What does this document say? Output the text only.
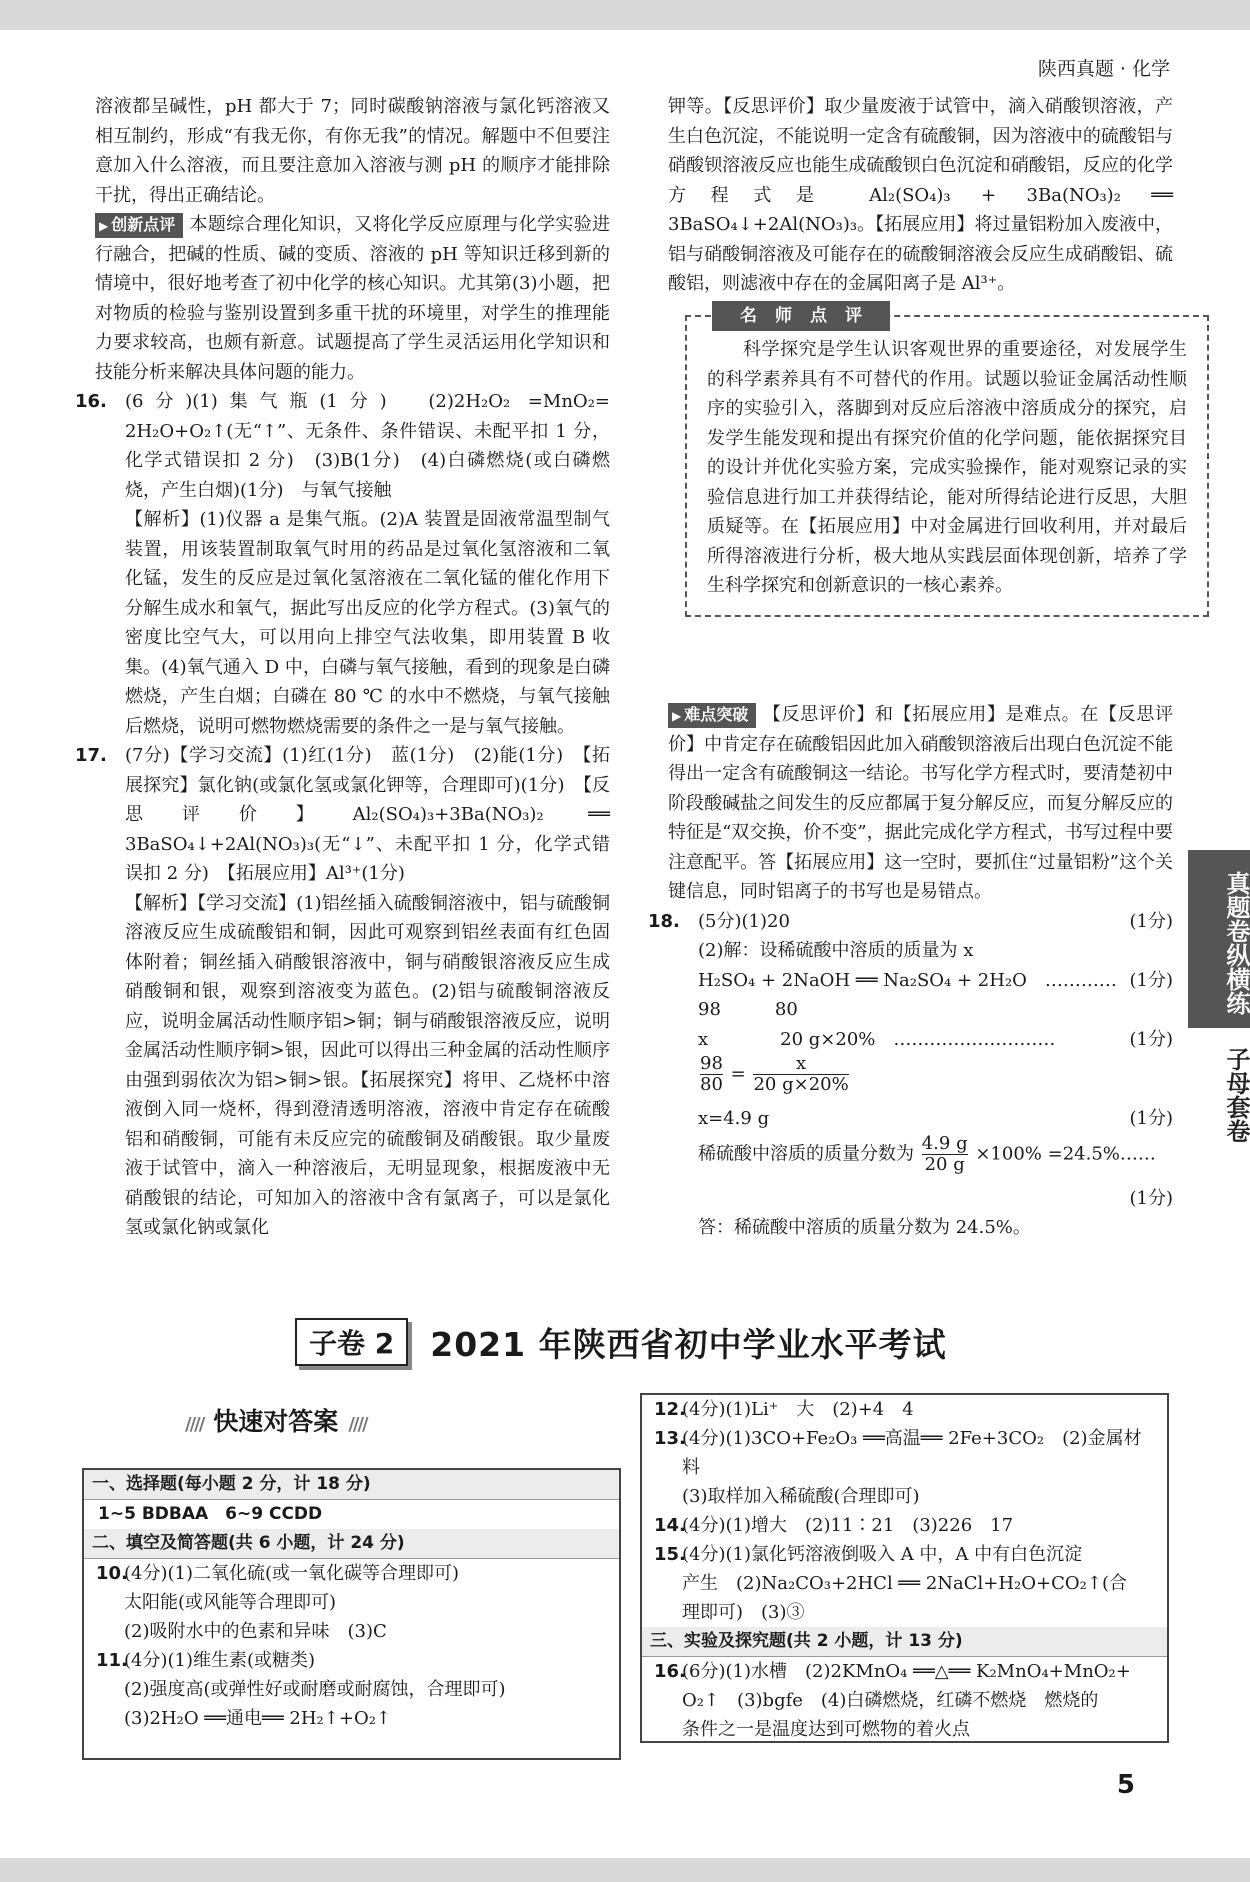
陕西真题 · 化学

溶液都呈碱性，pH 都大于 7；同时碳酸钠溶液与氯化钙溶液又相互制约，形成“有我无你，有你无我”的情况。解题中不但要注意加入什么溶液，而且要注意加入溶液与测 pH 的顺序才能排除干扰，得出正确结论。

▶ 创新点评 本题综合理化知识，又将化学反应原理与化学实验进行融合，把碱的性质、碱的变质、溶液的 pH 等知识迁移到新的情境中，很好地考查了初中化学的核心知识。尤其第(3)小题，把对物质的检验与鉴别设置到多重干扰的环境里，对学生的推理能力要求较高，也颇有新意。试题提高了学生灵活运用化学知识和技能分析来解决具体问题的能力。

16. (6分)(1)集气瓶(1分)　(2)2H₂O₂ =MnO₂= 2H₂O+O₂↑(无“↑”、无条件、条件错误、未配平扣 1 分，化学式错误扣 2 分)　(3)B(1分)　(4)白磷燃烧(或白磷燃烧，产生白烟)(1分)　与氧气接触

【解析】(1)仪器 a 是集气瓶。(2)A 装置是固液常温型制气装置，用该装置制取氧气时用的药品是过氧化氢溶液和二氧化锰，发生的反应是过氧化氢溶液在二氧化锰的催化作用下分解生成水和氧气，据此写出反应的化学方程式。(3)氧气的密度比空气大，可以用向上排空气法收集，即用装置 B 收集。(4)氧气通入 D 中，白磷与氧气接触，看到的现象是白磷燃烧，产生白烟；白磷在 80 ℃ 的水中不燃烧，与氧气接触后燃烧，说明可燃物燃烧需要的条件之一是与氧气接触。

17. (7分)【学习交流】(1)红(1分)　蓝(1分)　(2)能(1分)　【拓展探究】氯化钠(或氯化氢或氯化钾等，合理即可)(1分)　【反思评价】Al₂(SO₄)₃+3Ba(NO₃)₂ ══ 3BaSO₄↓+2Al(NO₃)₃(无“↓”、未配平扣 1 分，化学式错误扣 2 分)　【拓展应用】Al³⁺(1分)

【解析】【学习交流】(1)铝丝插入硫酸铜溶液中，铝与硫酸铜溶液反应生成硫酸铝和铜，因此可观察到铝丝表面有红色固体附着；铜丝插入硝酸银溶液中，铜与硝酸银溶液反应生成硝酸铜和银，观察到溶液变为蓝色。(2)铝与硫酸铜溶液反应，说明金属活动性顺序铝>铜；铜与硝酸银溶液反应，说明金属活动性顺序铜>银，因此可以得出三种金属的活动性顺序由强到弱依次为铝>铜>银。【拓展探究】将甲、乙烧杯中溶液倒入同一烧杯，得到澄清透明溶液，溶液中肯定存在硫酸铝和硝酸铜，可能有未反应完的硫酸铜及硝酸银。取少量废液于试管中，滴入一种溶液后，无明显现象，根据废液中无硝酸银的结论，可知加入的溶液中含有氯离子，可以是氯化氢或氯化钠或氯化

钾等。【反思评价】取少量废液于试管中，滴入硝酸钡溶液，产生白色沉淀，不能说明一定含有硫酸铜，因为溶液中的硫酸铝与硝酸钡溶液反应也能生成硫酸钡白色沉淀和硝酸铝，反应的化学方程式是 Al₂(SO₄)₃ + 3Ba(NO₃)₂ ══ 3BaSO₄↓+2Al(NO₃)₃。【拓展应用】将过量铝粉加入废液中，铝与硝酸铜溶液及可能存在的硫酸铜溶液会反应生成硝酸铝、硫酸铝，则滤液中存在的金属阳离子是 Al³⁺。

名师点评

科学探究是学生认识客观世界的重要途径，对发展学生的科学素养具有不可替代的作用。试题以验证金属活动性顺序的实验引入，落脚到对反应后溶液中溶质成分的探究，启发学生能发现和提出有探究价值的化学问题，能依据探究目的设计并优化实验方案，完成实验操作，能对观察记录的实验信息进行加工并获得结论，能对所得结论进行反思，大胆质疑等。在【拓展应用】中对金属进行回收利用，并对最后所得溶液进行分析，极大地从实践层面体现创新，培养了学生科学探究和创新意识的一核心素养。

▶ 难点突破 【反思评价】和【拓展应用】是难点。在【反思评价】中肯定存在硫酸铝因此加入硝酸钡溶液后出现白色沉淀不能得出一定含有硫酸铜这一结论。书写化学方程式时，要清楚初中阶段酸碱盐之间发生的反应都属于复分解反应，而复分解反应的特征是“双交换，价不变”，据此完成化学方程式，书写过程中要注意配平。答【拓展应用】这一空时，要抓住“过量铝粉”这个关键信息，同时铝离子的书写也是易错点。

18. (5分)(1)20	(1分)
(2)解：设稀硫酸中溶质的质量为 x
H₂SO₄ + 2NaOH ══ Na₂SO₄ + 2H₂O　………… (1分)
98　　　80
x　　　　20 g×20%　………………………	(1分)
$\frac{98}{80} = \frac{x}{20 g\times 20\%}$
x=4.9 g	(1分)
稀硫酸中溶质的质量分数为 $\frac{4.9 g}{20 g} \times 100\%$ =24.5%……
(1分)
答：稀硫酸中溶质的质量分数为 24.5%。
真题卷纵横练
子母套卷
子卷 2	2021 年陕西省初中学业水平考试
//// 快速对答案 ////
一、选择题(每小题 2 分，计 18 分)
1~5 BDBAA　6~9 CCDD
二、填空及简答题(共 6 小题，计 24 分)
10.
(4分)(1)二氧化硫(或一氧化碳等合理即可)
太阳能(或风能等合理即可)
(2)吸附水中的色素和异味　(3)C
11.
(4分)(1)维生素(或糖类)
(2)强度高(或弹性好或耐磨或耐腐蚀，合理即可)
(3)2H₂O ══通电══ 2H₂↑+O₂↑
12.
(4分)(1)Li⁺　大　(2)+4　4
13.
(4分)(1)3CO+Fe₂O₃ ══高温══ 2Fe+3CO₂　(2)金属材料
(3)取样加入稀硫酸(合理即可)
14.
(4分)(1)增大　(2)11∶21　(3)226　17
15.
(4分)(1)氯化钙溶液倒吸入 A 中，A 中有白色沉淀
产生　(2)Na₂CO₃+2HCl ══ 2NaCl+H₂O+CO₂↑(合
理即可)　(3)③
三、实验及探究题(共 2 小题，计 13 分)
16.
(6分)(1)水槽　(2)2KMnO₄ ══△══ K₂MnO₄+MnO₂+
O₂↑　(3)bgfe　(4)白磷燃烧，红磷不燃烧　燃烧的
条件之一是温度达到可燃物的着火点
5
